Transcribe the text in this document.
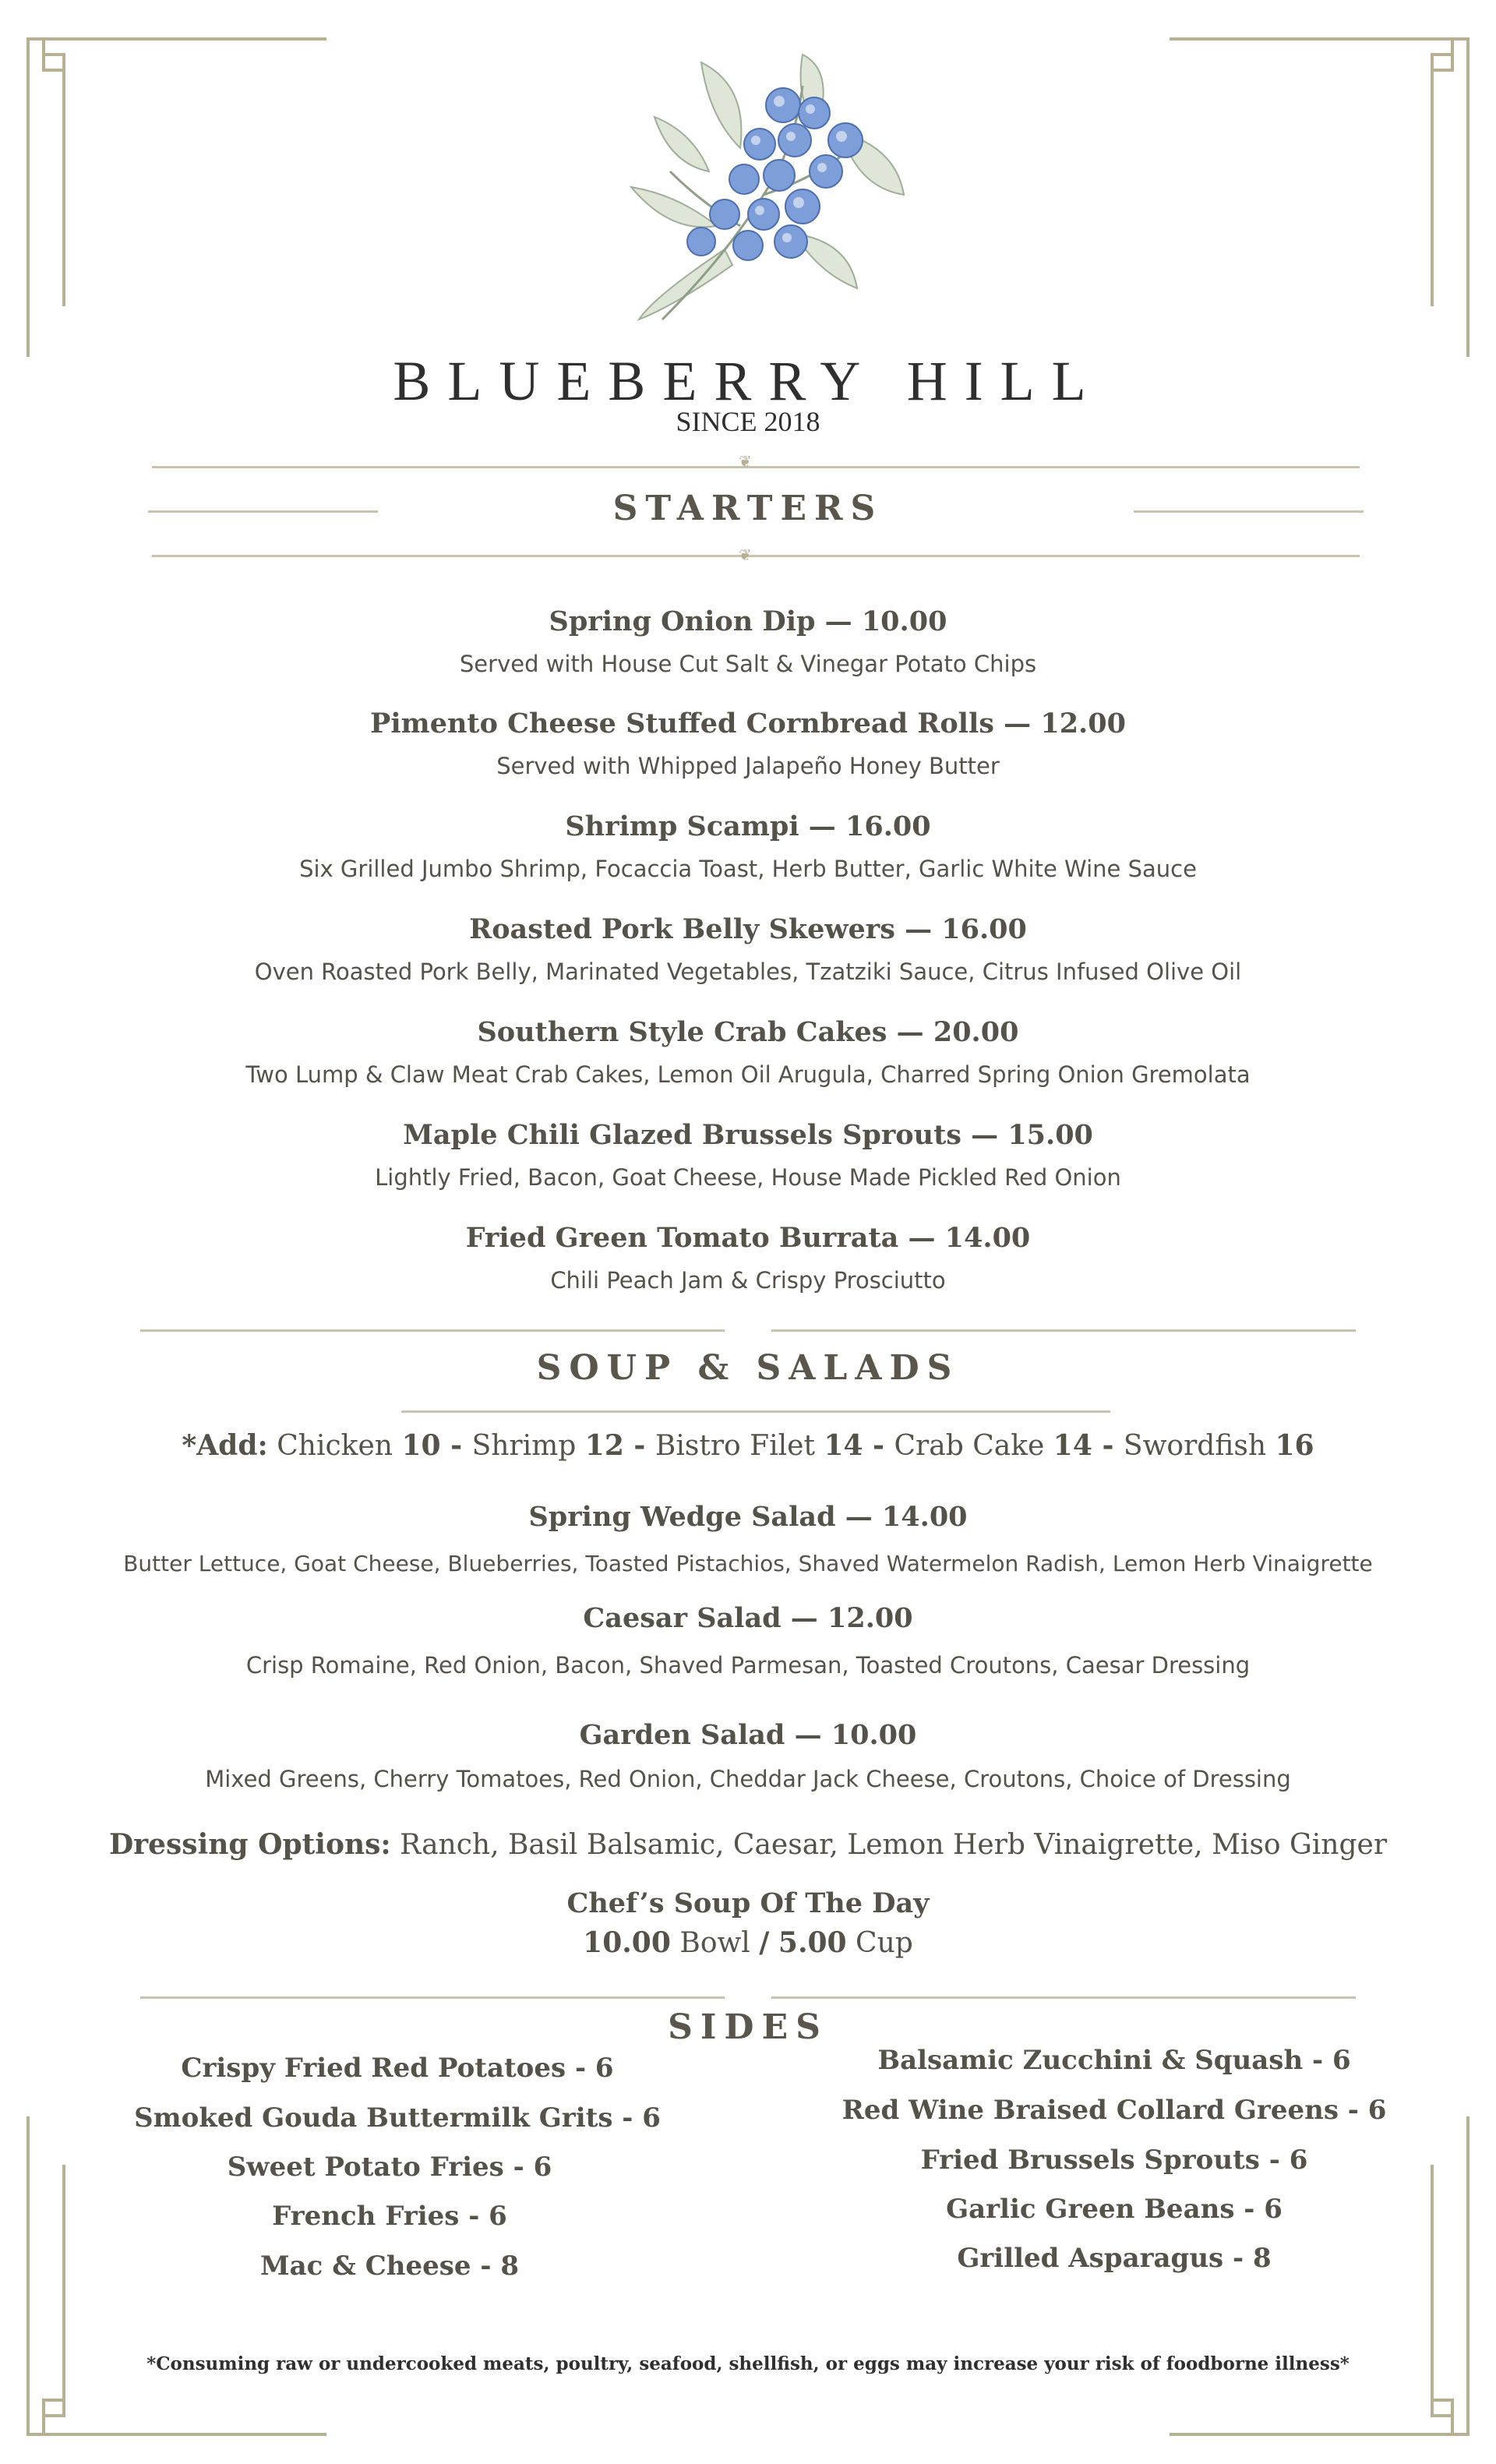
BLUEBERRY HILL
SINCE 2018
❦
STARTERS
❦
Spring Onion Dip — 10.00
Served with House Cut Salt & Vinegar Potato Chips
Pimento Cheese Stuffed Cornbread Rolls — 12.00
Served with Whipped Jalapeño Honey Butter
Shrimp Scampi — 16.00
Six Grilled Jumbo Shrimp, Focaccia Toast, Herb Butter, Garlic White Wine Sauce
Roasted Pork Belly Skewers — 16.00
Oven Roasted Pork Belly, Marinated Vegetables, Tzatziki Sauce, Citrus Infused Olive Oil
Southern Style Crab Cakes — 20.00
Two Lump & Claw Meat Crab Cakes, Lemon Oil Arugula, Charred Spring Onion Gremolata
Maple Chili Glazed Brussels Sprouts — 15.00
Lightly Fried, Bacon, Goat Cheese, House Made Pickled Red Onion
Fried Green Tomato Burrata — 14.00
Chili Peach Jam & Crispy Prosciutto
SOUP & SALADS
*Add: Chicken 10 - Shrimp 12 - Bistro Filet 14 - Crab Cake 14 - Swordfish 16
Spring Wedge Salad — 14.00
Butter Lettuce, Goat Cheese, Blueberries, Toasted Pistachios, Shaved Watermelon Radish, Lemon Herb Vinaigrette
Caesar Salad — 12.00
Crisp Romaine, Red Onion, Bacon, Shaved Parmesan, Toasted Croutons, Caesar Dressing
Garden Salad — 10.00
Mixed Greens, Cherry Tomatoes, Red Onion, Cheddar Jack Cheese, Croutons, Choice of Dressing
Dressing Options: Ranch, Basil Balsamic, Caesar, Lemon Herb Vinaigrette, Miso Ginger
Chef’s Soup Of The Day
10.00 Bowl / 5.00 Cup
SIDES
Crispy Fried Red Potatoes - 6
Smoked Gouda Buttermilk Grits - 6
Sweet Potato Fries - 6
French Fries - 6
Mac & Cheese - 8
Balsamic Zucchini & Squash - 6
Red Wine Braised Collard Greens - 6
Fried Brussels Sprouts - 6
Garlic Green Beans - 6
Grilled Asparagus - 8
*Consuming raw or undercooked meats, poultry, seafood, shellfish, or eggs may increase your risk of foodborne illness*
